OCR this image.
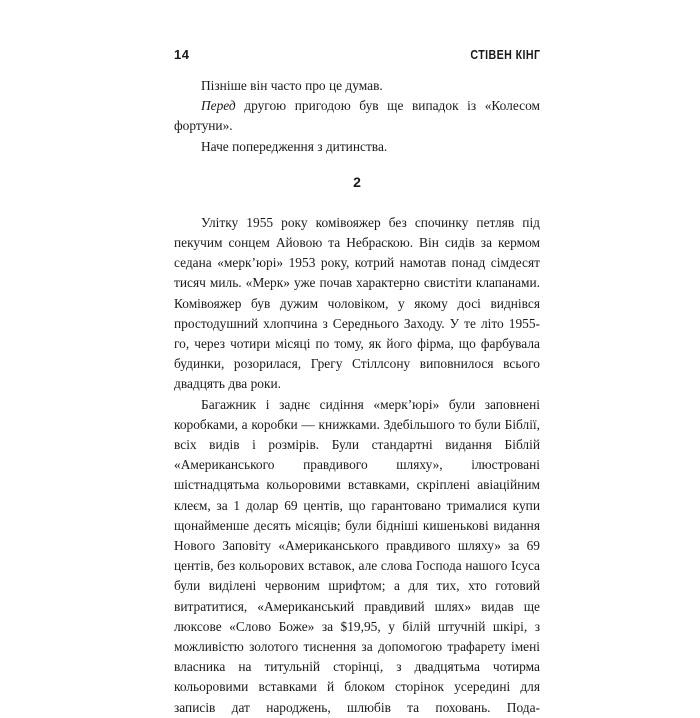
14	СТІВЕН КІНГ

Пізніше він часто про це думав.

Перед другою пригодою був ще випадок із «Колесом фортуни».

Наче попередження з дитинства.

2

Улітку 1955 року комівояжер без спочинку петляв під пекучим сонцем Айовою та Небраскою. Він сидів за кермом седана «мерк’юрі» 1953 року, котрий намотав понад сімдесят тисяч миль. «Мерк» уже почав характерно свистіти клапанами. Комівояжер був дужим чоловіком, у якому досі виднівся простодушний хлопчина з Середнього Заходу. У те літо 1955-го, через чотири місяці по тому, як його фірма, що фарбувала будинки, розорилася, Грегу Стіллсону виповнилося всього двадцять два роки.

Багажник і заднє сидіння «мерк’юрі» були заповнені коробками, а коробки — книжками. Здебільшого то були Біблії, всіх видів і розмірів. Були стандартні видання Біблій «Американського правдивого шляху», ілюстровані шістнадцятьма кольоровими вставками, скріплені авіаційним клеєм, за 1 долар 69 центів, що гарантовано трималися купи щонайменше десять місяців; були бідніші кишенькові видання Нового Заповіту «Американського правдивого шляху» за 69 центів, без кольорових вставок, але слова Господа нашого Ісуса були виділені червоним шрифтом; а для тих, хто готовий витратитися, «Американський правдивий шлях» видав ще люксове «Слово Боже» за $19,95, у білій штучній шкірі, з можливістю золотого тиснення за допомогою трафарету імені власника на титульній сторінці, з двадцятьма чотирма кольоровими вставками й блоком сторінок усередині для записів дат народжень, шлюбів та поховань. Пода-
